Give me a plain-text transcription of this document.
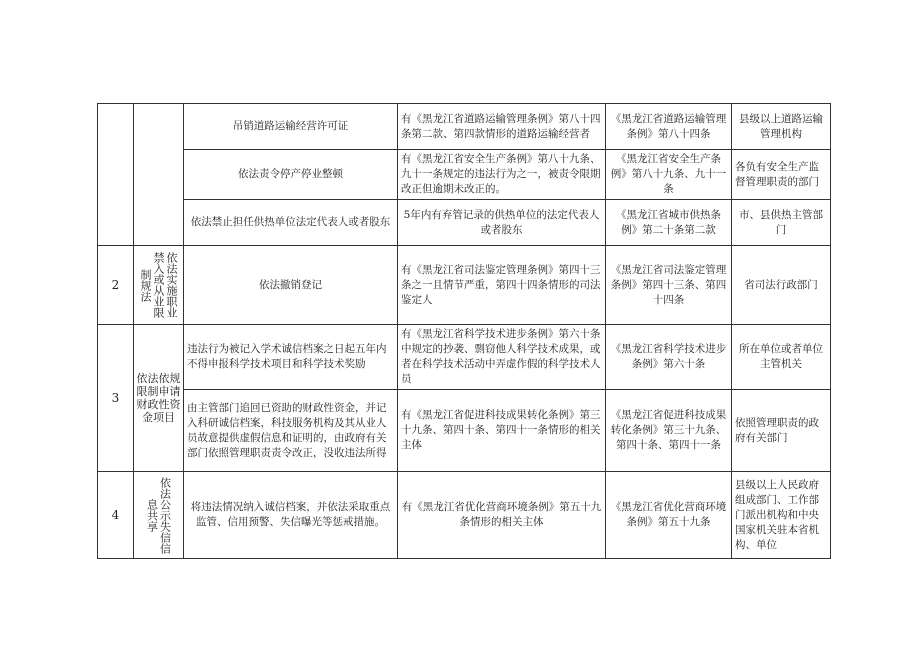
		吊销道路运输经营许可证	有《黑龙江省道路运输管理条例》第八十四条第二款、第四款情形的道路运输经营者	《黑龙江省道路运输管理条例》第八十四条	县级以上道路运输管理机构
		依法责令停产停业整顿	有《黑龙江省安全生产条例》第八十九条、九十一条规定的违法行为之一，被责令限期改正但逾期未改正的。	《黑龙江省安全生产条例》第八十九条、九十一条	各负有安全生产监督管理职责的部门
		依法禁止担任供热单位法定代表人或者股东	5年内有弃管记录的供热单位的法定代表人或者股东	《黑龙江省城市供热条例》第二十条第二款	市、县供热主管部门
2	依法实施职业禁入或从业限制规法	依法撤销登记	有《黑龙江省司法鉴定管理条例》第四十三条之一且情节严重，第四十四条情形的司法鉴定人	《黑龙江省司法鉴定管理条例》第四十三条、第四十四条	省司法行政部门
3	依法依规限制申请财政性资金项目	违法行为被记入学术诚信档案之日起五年内不得申报科学技术项目和科学技术奖励	有《黑龙江省科学技术进步条例》第六十条中规定的抄袭、剽窃他人科学技术成果，或者在科学技术活动中弄虚作假的科学技术人员	《黑龙江省科学技术进步条例》第六十条	所在单位或者单位主管机关
		由主管部门追回已资助的财政性资金，并记入科研诚信档案，科技服务机构及其从业人员故意提供虚假信息和证明的，由政府有关部门依照管理职责责令改正，没收违法所得	有《黑龙江省促进科技成果转化条例》第三十九条、第四十条、第四十一条情形的相关主体	《黑龙江省促进科技成果转化条例》第三十九条、第四十条、第四十一条	依照管理职责的政府有关部门
4	依法公示失信信息共享	将违法情况纳入诚信档案，并依法采取重点监管、信用预警、失信曝光等惩戒措施。	有《黑龙江省优化营商环境条例》第五十九条情形的相关主体	《黑龙江省优化营商环境条例》第五十九条	县级以上人民政府组成部门、工作部门派出机构和中央国家机关驻本省机构、单位
